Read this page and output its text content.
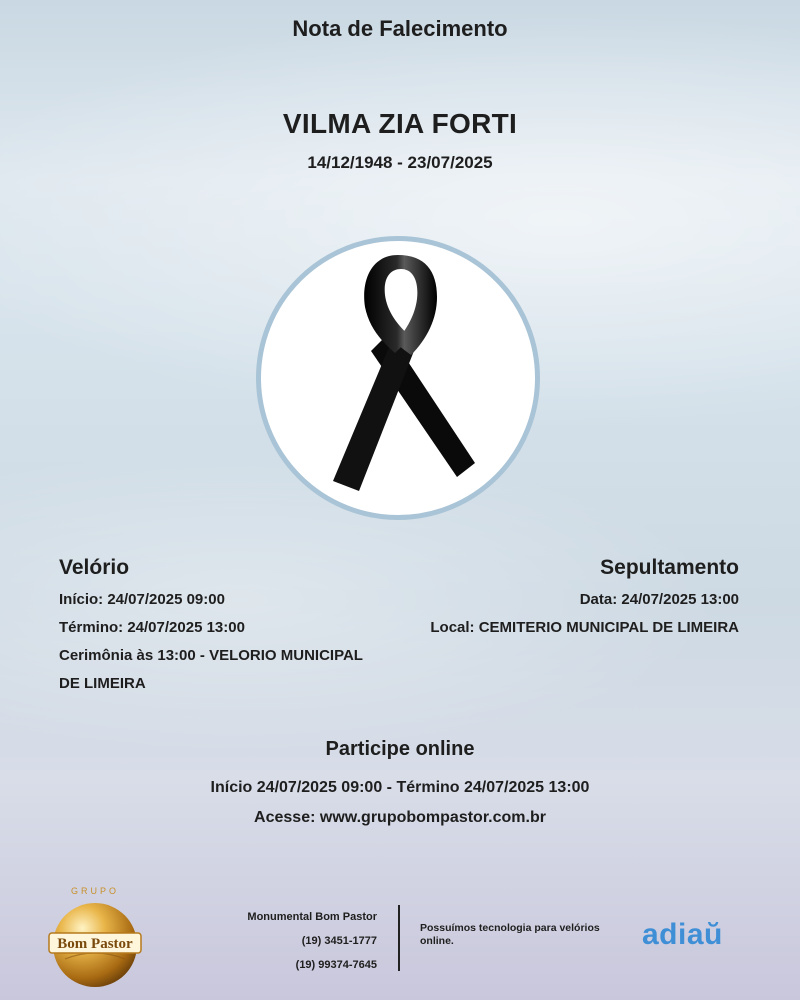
Nota de Falecimento
VILMA ZIA FORTI
14/12/1948 - 23/07/2025
Velório
Início: 24/07/2025 09:00
Término: 24/07/2025 13:00
Cerimônia às 13:00 - VELORIO MUNICIPAL
DE LIMEIRA
Sepultamento
Data: 24/07/2025 13:00
Local: CEMITERIO MUNICIPAL DE LIMEIRA
Participe online
Início 24/07/2025 09:00 - Término 24/07/2025 13:00
Acesse: www.grupobompastor.com.br
GRUPO
Bom Pastor
Monumental Bom Pastor
(19) 3451-1777
(19) 99374-7645
Possuímos tecnologia para velórios online.	adiaŭ
